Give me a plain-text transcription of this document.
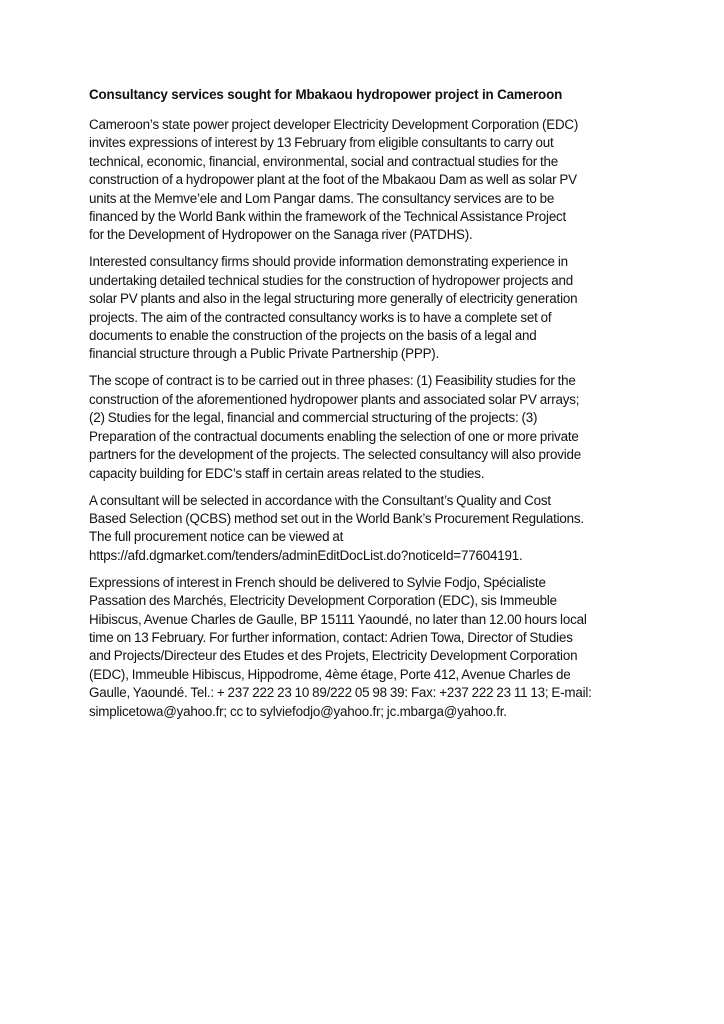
Consultancy services sought for Mbakaou hydropower project in Cameroon

Cameroon’s state power project developer Electricity Development Corporation (EDC)
invites expressions of interest by 13 February from eligible consultants to carry out
technical, economic, financial, environmental, social and contractual studies for the
construction of a hydropower plant at the foot of the Mbakaou Dam as well as solar PV
units at the Memve’ele and Lom Pangar dams. The consultancy services are to be
financed by the World Bank within the framework of the Technical Assistance Project
for the Development of Hydropower on the Sanaga river (PATDHS).

Interested consultancy firms should provide information demonstrating experience in
undertaking detailed technical studies for the construction of hydropower projects and
solar PV plants and also in the legal structuring more generally of electricity generation
projects. The aim of the contracted consultancy works is to have a complete set of
documents to enable the construction of the projects on the basis of a legal and
financial structure through a Public Private Partnership (PPP).

The scope of contract is to be carried out in three phases: (1) Feasibility studies for the
construction of the aforementioned hydropower plants and associated solar PV arrays;
(2) Studies for the legal, financial and commercial structuring of the projects: (3)
Preparation of the contractual documents enabling the selection of one or more private
partners for the development of the projects. The selected consultancy will also provide
capacity building for EDC’s staff in certain areas related to the studies.

A consultant will be selected in accordance with the Consultant’s Quality and Cost
Based Selection (QCBS) method set out in the World Bank’s Procurement Regulations.
The full procurement notice can be viewed at
https://afd.dgmarket.com/tenders/adminEditDocList.do?noticeId=77604191.

Expressions of interest in French should be delivered to Sylvie Fodjo, Spécialiste
Passation des Marchés, Electricity Development Corporation (EDC), sis Immeuble
Hibiscus, Avenue Charles de Gaulle, BP 15111 Yaoundé, no later than 12.00 hours local
time on 13 February. For further information, contact: Adrien Towa, Director of Studies
and Projects/Directeur des Etudes et des Projets, Electricity Development Corporation
(EDC), Immeuble Hibiscus, Hippodrome, 4ème étage, Porte 412, Avenue Charles de
Gaulle, Yaoundé. Tel.: + 237 222 23 10 89/222 05 98 39: Fax: +237 222 23 11 13; E-mail:
simplicetowa@yahoo.fr; cc to sylviefodjo@yahoo.fr; jc.mbarga@yahoo.fr.
